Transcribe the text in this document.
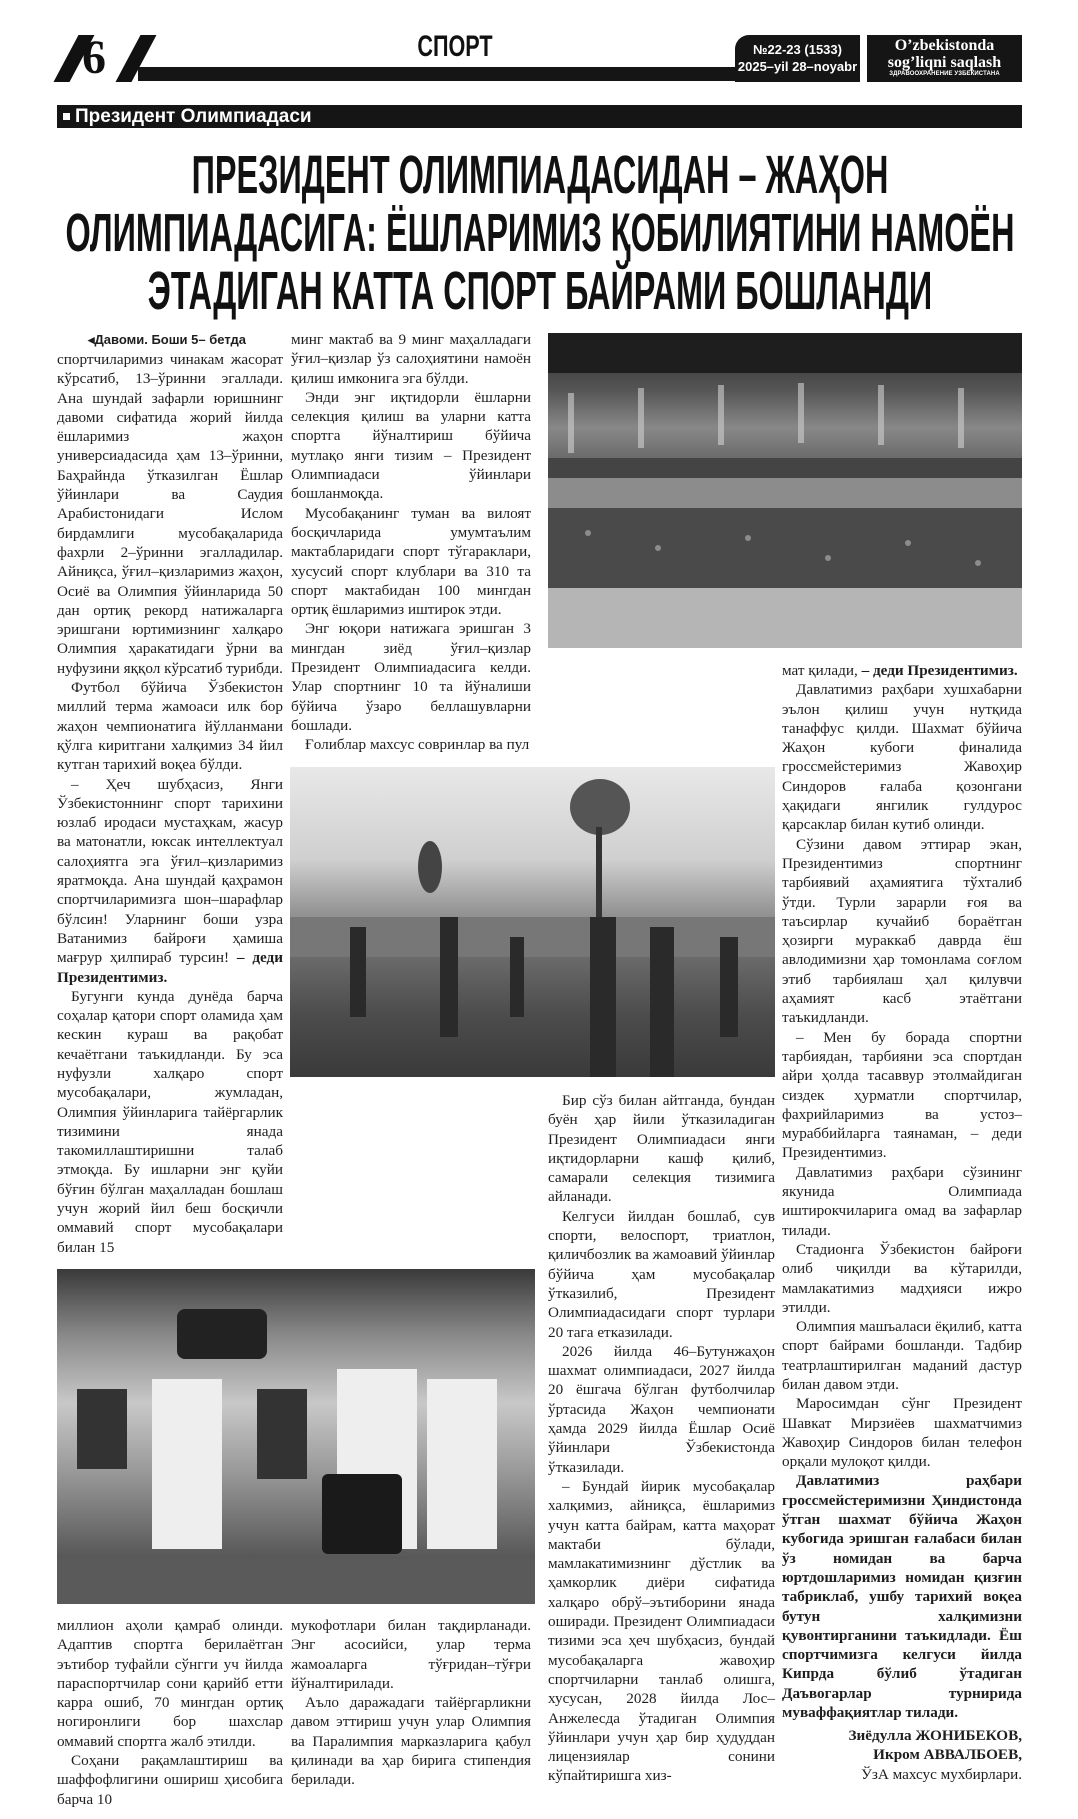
6	СПОРТ	№22-23 (1533)
2025–yil 28–noyabr
O’zbekistonda
sog’liqni saqlash
ЗДРАВООХРАНЕНИЕ УЗБЕКИСТАНА
Президент Олимпиадаси
ПРЕЗИДЕНТ ОЛИМПИАДАСИДАН – ЖАҲОН
ОЛИМПИАДАСИГА: ЁШЛАРИМИЗ ҚОБИЛИЯТИНИ НАМОЁН
ЭТАДИГАН КАТТА СПОРТ БАЙРАМИ БОШЛАНДИ
◂Давоми. Боши 5– бетда

спортчиларимиз чинакам жасорат кўрсатиб, 13–ўринни эгаллади. Ана шундай зафарли юришнинг давоми сифатида жорий йилда ёшларимиз жаҳон универсиадасида ҳам 13–ўринни, Баҳрайнда ўтказилган Ёшлар ўйинлари ва Саудия Арабистонидаги Ислом бирдамлиги мусобақаларида фахрли 2–ўринни эгалладилар. Айниқса, ўғил–қизларимиз жаҳон, Осиё ва Олимпия ўйинларида 50 дан ортиқ рекорд натижаларга эришгани юртимизнинг халқаро Олимпия ҳаракатидаги ўрни ва нуфузини яққол кўрсатиб турибди.

Футбол бўйича Ўзбекистон миллий терма жамоаси илк бор жаҳон чемпионатига йўлланмани қўлга киритгани халқимиз 34 йил кутган тарихий воқеа бўлди.

– Ҳеч шубҳасиз, Янги Ўзбекистоннинг спорт тарихини юзлаб иродаси мустаҳкам, жасур ва матонатли, юксак интеллектуал салоҳиятга эга ўғил–қизларимиз яратмоқда. Ана шундай қаҳрамон спортчиларимизга шон–шарафлар бўлсин! Уларнинг боши узра Ватанимиз байроғи ҳамиша мағрур ҳилпираб турсин! – деди Президентимиз.

Бугунги кунда дунёда барча соҳалар қатори спорт оламида ҳам кескин кураш ва рақобат кечаётгани таъкидланди. Бу эса нуфузли халқаро спорт мусобақалари, жумладан, Олимпия ўйинларига тайёргарлик тизимини янада такомиллаштиришни талаб этмоқда. Бу ишларни энг қуйи бўғин бўлган маҳалладан бошлаш учун жорий йил беш босқичли оммавий спорт мусобақалари билан 15

миллион аҳоли қамраб олинди. Адаптив спортга берилаётган эътибор туфайли сўнгги уч йилда параспортчилар сони қарийб етти карра ошиб, 70 мингдан ортиқ ногиронлиги бор шахслар оммавий спортга жалб этилди.

Соҳани рақамлаштириш ва шаффофлигини ошириш ҳисобига барча 10

минг мактаб ва 9 минг маҳалладаги ўғил–қизлар ўз салоҳиятини намоён қилиш имконига эга бўлди.

Энди энг иқтидорли ёшларни селекция қилиш ва уларни катта спортга йўналтириш бўйича мутлақо янги тизим – Президент Олимпиадаси ўйинлари бошланмоқда.

Мусобақанинг туман ва вилоят босқичларида умумтаълим мактабларидаги спорт тўгараклари, хусусий спорт клублари ва 310 та спорт мактабидан 100 мингдан ортиқ ёшларимиз иштирок этди.

Энг юқори натижага эришган 3 мингдан зиёд ўғил–қизлар Президент Олимпиадасига келди. Улар спортнинг 10 та йўналиши бўйича ўзаро беллашувларни бошлади.

Ғолиблар махсус совринлар ва пул

мукофотлари билан тақдирланади. Энг асосийси, улар терма жамоаларга тўғридан–тўғри йўналтирилади.

Аъло даражадаги тайёргарликни давом эттириш учун улар Олимпия ва Паралимпия марказларига қабул қилинади ва ҳар бирига стипендия берилади.

Бир сўз билан айтганда, бундан буён ҳар йили ўтказиладиган Президент Олимпиадаси янги иқтидорларни кашф қилиб, самарали селекция тизимига айланади.

Келгуси йилдан бошлаб, сув спорти, велоспорт, триатлон, қиличбозлик ва жамоавий ўйинлар бўйича ҳам мусобақалар ўтказилиб, Президент Олимпиадасидаги спорт турлари 20 тага етказилади.

2026 йилда 46–Бутунжаҳон шахмат олимпиадаси, 2027 йилда 20 ёшгача бўлган футболчилар ўртасида Жаҳон чемпионати ҳамда 2029 йилда Ёшлар Осиё ўйинлари Ўзбекистонда ўтказилади.

– Бундай йирик мусобақалар халқимиз, айниқса, ёшларимиз учун катта байрам, катта маҳорат мактаби бўлади, мамлакатимизнинг дўстлик ва ҳамкорлик диёри сифатида халқаро обрў–эътиборини янада оширади. Президент Олимпиадаси тизими эса ҳеч шубҳасиз, бундай мусобақаларга жавоҳир спортчиларни танлаб олишга, хусусан, 2028 йилда Лос–Анжелесда ўтадиган Олимпия ўйинлари учун ҳар бир ҳудуддан лицензиялар сонини кўпайтиришга хиз-

мат қилади, – деди Президентимиз.

Давлатимиз раҳбари хушхабарни эълон қилиш учун нутқида танаффус қилди. Шахмат бўйича Жаҳон кубоги финалида гроссмейстеримиз Жавоҳир Синдоров ғалаба қозонгани ҳақидаги янгилик гулдурос қарсаклар билан кутиб олинди.

Сўзини давом эттирар экан, Президентимиз спортнинг тарбиявий аҳамиятига тўхталиб ўтди. Турли зарарли ғоя ва таъсирлар кучайиб бораётган ҳозирги мураккаб даврда ёш авлодимизни ҳар томонлама соғлом этиб тарбиялаш ҳал қилувчи аҳамият касб этаётгани таъкидланди.

– Мен бу борада спортни тарбиядан, тарбияни эса спортдан айри ҳолда тасаввур этолмайдиган сиздек ҳурматли спортчилар, фахрийларимиз ва устоз–мураббийларга таянаман, – деди Президентимиз.

Давлатимиз раҳбари сўзининг якунида Олимпиада иштирокчиларига омад ва зафарлар тилади.

Стадионга Ўзбекистон байроғи олиб чиқилди ва кўтарилди, мамлакатимиз мадҳияси ижро этилди.

Олимпия машъаласи ёқилиб, катта спорт байрами бошланди. Тадбир театрлаштирилган маданий дастур билан давом этди.

Маросимдан сўнг Президент Шавкат Мирзиёев шахматчимиз Жавоҳир Синдоров билан телефон орқали мулоқот қилди.

Давлатимиз раҳбари гроссмейстеримизни Ҳиндистонда ўтган шахмат бўйича Жаҳон кубогида эришган ғалабаси билан ўз номидан ва барча юртдошларимиз номидан қизғин табриклаб, ушбу тарихий воқеа бутун халқимизни қувонтирганини таъкидлади. Ёш спортчимизга келгуси йилда Кипрда бўлиб ўтадиган Даъвогарлар турнирида муваффақиятлар тилади.

Зиёдулла ЖОНИБЕКОВ,

Икром АВВАЛБОЕВ,

ЎзА махсус мухбирлари.
